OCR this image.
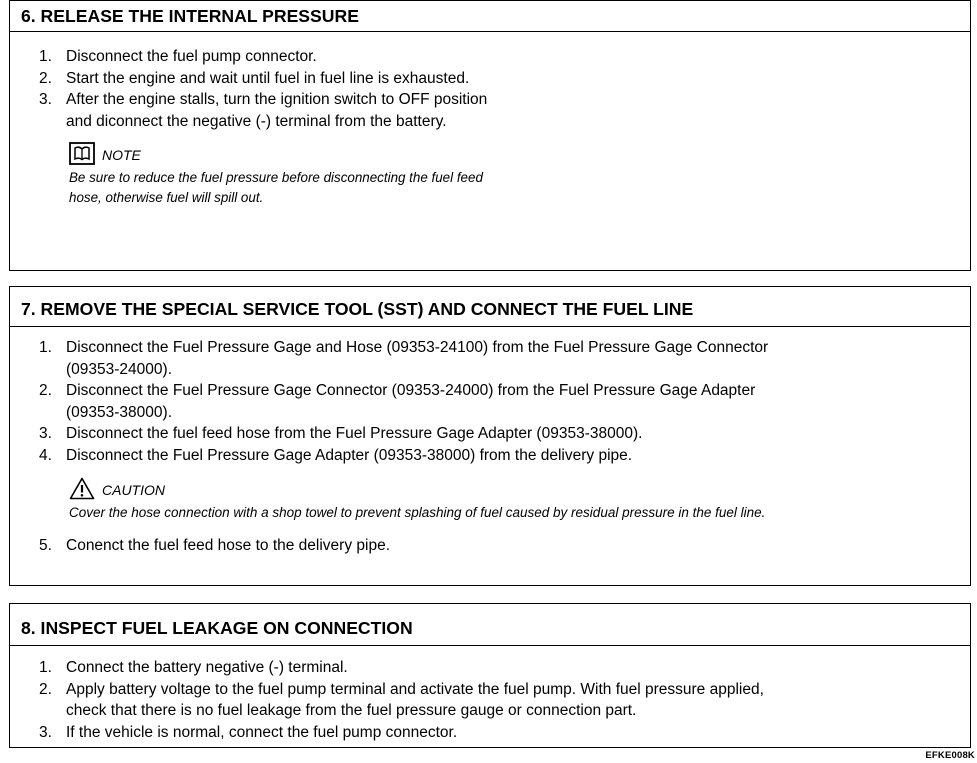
6. RELEASE THE INTERNAL PRESSURE
1. Disconnect the fuel pump connector.
2. Start the engine and wait until fuel in fuel line is exhausted.
3. After the engine stalls, turn the ignition switch to OFF position
and diconnect the negative (-) terminal from the battery.
NOTE
Be sure to reduce the fuel pressure before disconnecting the fuel feed
hose, otherwise fuel will spill out.
7. REMOVE THE SPECIAL SERVICE TOOL (SST) AND CONNECT THE FUEL LINE
1. Disconnect the Fuel Pressure Gage and Hose (09353-24100) from the Fuel Pressure Gage Connector
(09353-24000).
2. Disconnect the Fuel Pressure Gage Connector (09353-24000) from the Fuel Pressure Gage Adapter
(09353-38000).
3. Disconnect the fuel feed hose from the Fuel Pressure Gage Adapter (09353-38000).
4. Disconnect the Fuel Pressure Gage Adapter (09353-38000) from the delivery pipe.
CAUTION
Cover the hose connection with a shop towel to prevent splashing of fuel caused by residual pressure in the fuel line.
5. Conenct the fuel feed hose to the delivery pipe.
8. INSPECT FUEL LEAKAGE ON CONNECTION
1. Connect the battery negative (-) terminal.
2. Apply battery voltage to the fuel pump terminal and activate the fuel pump. With fuel pressure applied,
check that there is no fuel leakage from the fuel pressure gauge or connection part.
3. If the vehicle is normal, connect the fuel pump connector.
EFKE008K
